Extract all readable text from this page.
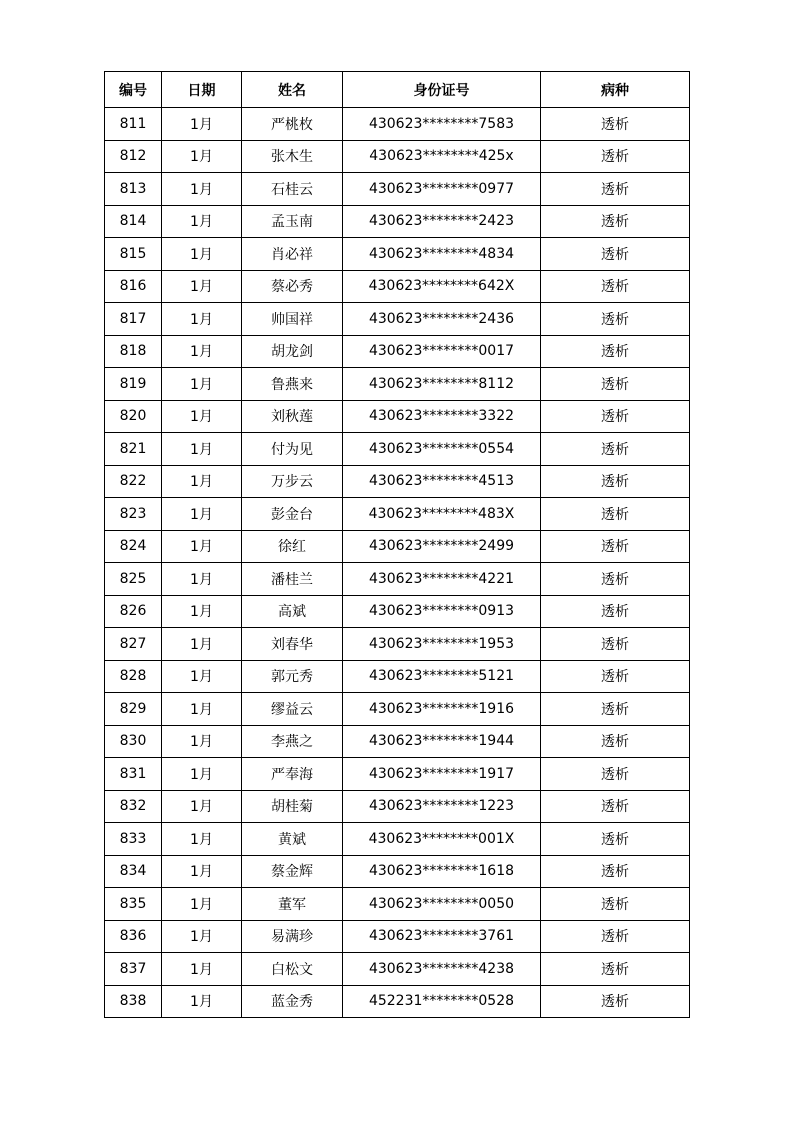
编号	日期	姓名	身份证号	病种
811	1月	严桃枚	430623********7583	透析
812	1月	张木生	430623********425x	透析
813	1月	石桂云	430623********0977	透析
814	1月	孟玉南	430623********2423	透析
815	1月	肖必祥	430623********4834	透析
816	1月	蔡必秀	430623********642X	透析
817	1月	帅国祥	430623********2436	透析
818	1月	胡龙剑	430623********0017	透析
819	1月	鲁燕来	430623********8112	透析
820	1月	刘秋莲	430623********3322	透析
821	1月	付为见	430623********0554	透析
822	1月	万步云	430623********4513	透析
823	1月	彭金台	430623********483X	透析
824	1月	徐红	430623********2499	透析
825	1月	潘桂兰	430623********4221	透析
826	1月	高斌	430623********0913	透析
827	1月	刘春华	430623********1953	透析
828	1月	郭元秀	430623********5121	透析
829	1月	缪益云	430623********1916	透析
830	1月	李燕之	430623********1944	透析
831	1月	严奉海	430623********1917	透析
832	1月	胡桂菊	430623********1223	透析
833	1月	黄斌	430623********001X	透析
834	1月	蔡金辉	430623********1618	透析
835	1月	董军	430623********0050	透析
836	1月	易满珍	430623********3761	透析
837	1月	白松文	430623********4238	透析
838	1月	蓝金秀	452231********0528	透析
